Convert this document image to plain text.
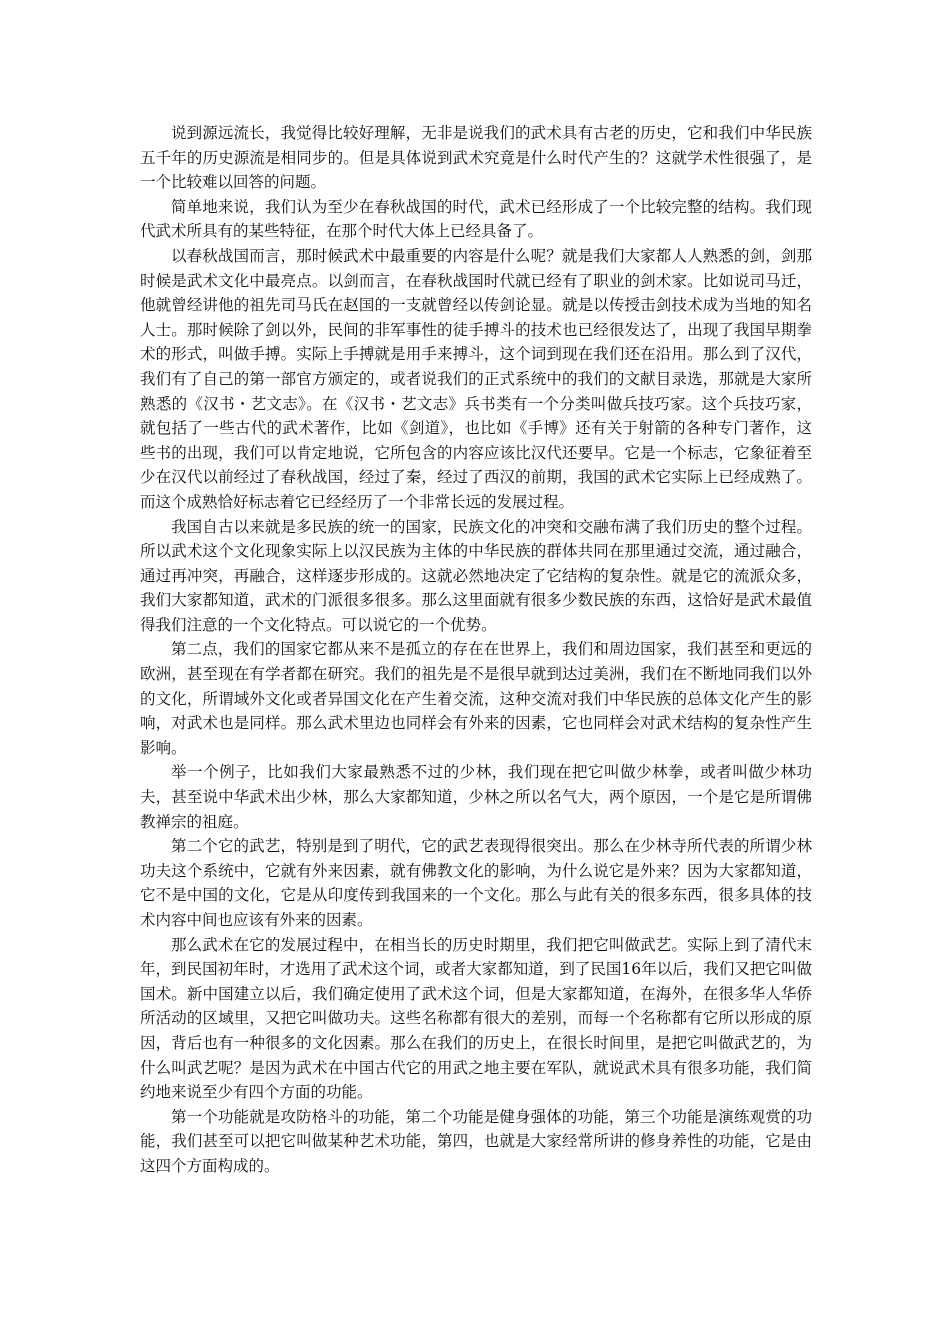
说到源远流长，我觉得比较好理解，无非是说我们的武术具有古老的历史，它和我们中华民族五千年的历史源流是相同步的。但是具体说到武术究竟是什么时代产生的？这就学术性很强了，是一个比较难以回答的问题。

简单地来说，我们认为至少在春秋战国的时代，武术已经形成了一个比较完整的结构。我们现代武术所具有的某些特征，在那个时代大体上已经具备了。

以春秋战国而言，那时候武术中最重要的内容是什么呢？就是我们大家都人人熟悉的剑，剑那时候是武术文化中最亮点。以剑而言，在春秋战国时代就已经有了职业的剑术家。比如说司马迁，他就曾经讲他的祖先司马氏在赵国的一支就曾经以传剑论显。就是以传授击剑技术成为当地的知名人士。那时候除了剑以外，民间的非军事性的徒手搏斗的技术也已经很发达了，出现了我国早期拳术的形式，叫做手搏。实际上手搏就是用手来搏斗，这个词到现在我们还在沿用。那么到了汉代，我们有了自己的第一部官方颁定的，或者说我们的正式系统中的我们的文献目录选，那就是大家所熟悉的《汉书・艺文志》。在《汉书・艺文志》兵书类有一个分类叫做兵技巧家。这个兵技巧家，就包括了一些古代的武术著作，比如《剑道》，也比如《手博》还有关于射箭的各种专门著作，这些书的出现，我们可以肯定地说，它所包含的内容应该比汉代还要早。它是一个标志，它象征着至少在汉代以前经过了春秋战国，经过了秦，经过了西汉的前期，我国的武术它实际上已经成熟了。而这个成熟恰好标志着它已经经历了一个非常长远的发展过程。

我国自古以来就是多民族的统一的国家，民族文化的冲突和交融布满了我们历史的整个过程。所以武术这个文化现象实际上以汉民族为主体的中华民族的群体共同在那里通过交流，通过融合，通过再冲突，再融合，这样逐步形成的。这就必然地决定了它结构的复杂性。就是它的流派众多，我们大家都知道，武术的门派很多很多。那么这里面就有很多少数民族的东西，这恰好是武术最值得我们注意的一个文化特点。可以说它的一个优势。

第二点，我们的国家它都从来不是孤立的存在在世界上，我们和周边国家，我们甚至和更远的欧洲，甚至现在有学者都在研究。我们的祖先是不是很早就到达过美洲，我们在不断地同我们以外的文化，所谓域外文化或者异国文化在产生着交流，这种交流对我们中华民族的总体文化产生的影响，对武术也是同样。那么武术里边也同样会有外来的因素，它也同样会对武术结构的复杂性产生影响。

举一个例子，比如我们大家最熟悉不过的少林，我们现在把它叫做少林拳，或者叫做少林功夫，甚至说中华武术出少林，那么大家都知道，少林之所以名气大，两个原因，一个是它是所谓佛教禅宗的祖庭。

第二个它的武艺，特别是到了明代，它的武艺表现得很突出。那么在少林寺所代表的所谓少林功夫这个系统中，它就有外来因素，就有佛教文化的影响，为什么说它是外来？因为大家都知道，它不是中国的文化，它是从印度传到我国来的一个文化。那么与此有关的很多东西，很多具体的技术内容中间也应该有外来的因素。

那么武术在它的发展过程中，在相当长的历史时期里，我们把它叫做武艺。实际上到了清代末年，到民国初年时，才选用了武术这个词，或者大家都知道，到了民国16年以后，我们又把它叫做国术。新中国建立以后，我们确定使用了武术这个词，但是大家都知道，在海外，在很多华人华侨所活动的区域里，又把它叫做功夫。这些名称都有很大的差别，而每一个名称都有它所以形成的原因，背后也有一种很多的文化因素。那么在我们的历史上，在很长时间里，是把它叫做武艺的，为什么叫武艺呢？是因为武术在中国古代它的用武之地主要在军队，就说武术具有很多功能，我们简约地来说至少有四个方面的功能。

第一个功能就是攻防格斗的功能，第二个功能是健身强体的功能，第三个功能是演练观赏的功能，我们甚至可以把它叫做某种艺术功能，第四，也就是大家经常所讲的修身养性的功能，它是由这四个方面构成的。
